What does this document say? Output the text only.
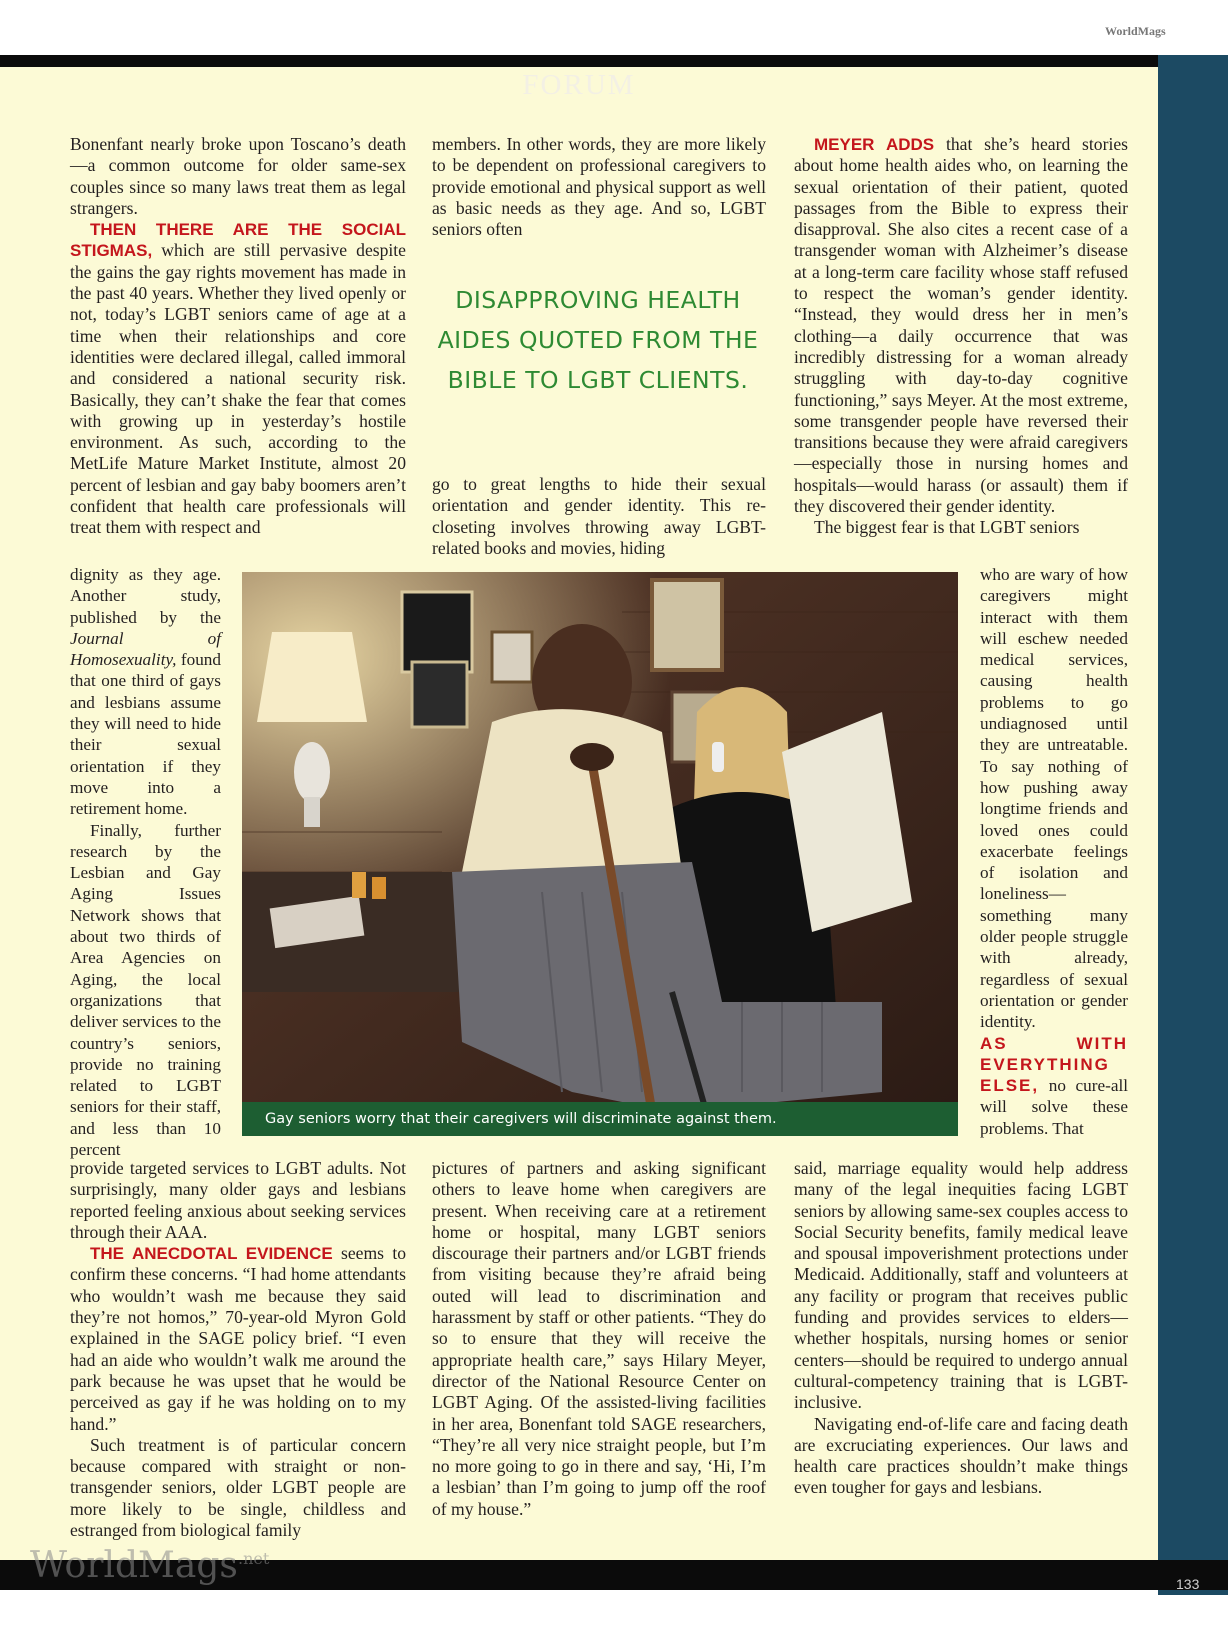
WorldMags
FORUM

Bonenfant nearly broke upon Toscano’s death—a common outcome for older same-sex couples since so many laws treat them as legal strangers.

THEN THERE ARE THE SOCIAL STIGMAS, which are still pervasive despite the gains the gay rights movement has made in the past 40 years. Whether they lived openly or not, today’s LGBT seniors came of age at a time when their relationships and core identities were declared illegal, called immoral and considered a national security risk. Basically, they can’t shake the fear that comes with growing up in yesterday’s hostile environment. As such, according to the MetLife Mature Market Institute, almost 20 percent of lesbian and gay baby boomers aren’t confident that health care professionals will treat them with respect and

dignity as they age. Another study, published by the Journal of Homosexuality, found that one third of gays and lesbians assume they will need to hide their sexual orientation if they move into a retirement home.

Finally, further research by the Lesbian and Gay Aging Issues Network shows that about two thirds of Area Agencies on Aging, the local organizations that deliver services to the country’s seniors, provide no training related to LGBT seniors for their staff, and less than 10 percent

provide targeted services to LGBT adults. Not surprisingly, many older gays and lesbians reported feeling anxious about seeking services through their AAA.

THE ANECDOTAL EVIDENCE seems to confirm these concerns. “I had home attendants who wouldn’t wash me because they said they’re not homos,” 70-year-old Myron Gold explained in the SAGE policy brief. “I even had an aide who wouldn’t walk me around the park because he was upset that he would be perceived as gay if he was holding on to my hand.”

Such treatment is of particular concern because compared with straight or non-transgender seniors, older LGBT people are more likely to be single, childless and estranged from biological family

members. In other words, they are more likely to be dependent on professional caregivers to provide emotional and physical support as well as basic needs as they age. And so, LGBT seniors often

DISAPPROVING HEALTH AIDES QUOTED FROM THE BIBLE TO LGBT CLIENTS.

go to great lengths to hide their sexual orientation and gender identity. This re-closeting involves throwing away LGBT-related books and movies, hiding

pictures of partners and asking significant others to leave home when caregivers are present. When receiving care at a retirement home or hospital, many LGBT seniors discourage their partners and/or LGBT friends from visiting because they’re afraid being outed will lead to discrimination and harassment by staff or other patients. “They do so to ensure that they will receive the appropriate health care,” says Hilary Meyer, director of the National Resource Center on LGBT Aging. Of the assisted-living facilities in her area, Bonenfant told SAGE researchers, “They’re all very nice straight people, but I’m no more going to go in there and say, ‘Hi, I’m a lesbian’ than I’m going to jump off the roof of my house.”

MEYER ADDS that she’s heard stories about home health aides who, on learning the sexual orientation of their patient, quoted passages from the Bible to express their disapproval. She also cites a recent case of a transgender woman with Alzheimer’s disease at a long-term care facility whose staff refused to respect the woman’s gender identity. “Instead, they would dress her in men’s clothing—a daily occurrence that was incredibly distressing for a woman already struggling with day-to-day cognitive functioning,” says Meyer. At the most extreme, some transgender people have reversed their transitions because they were afraid caregivers—especially those in nursing homes and hospitals—would harass (or assault) them if they discovered their gender identity.

The biggest fear is that LGBT seniors

who are wary of how caregivers might interact with them will eschew needed medical services, causing health problems to go undiagnosed until they are untreatable. To say nothing of how pushing away longtime friends and loved ones could exacerbate feelings of isolation and loneliness—something many older people struggle with already, regardless of sexual orientation or gender identity.

AS WITH EVERYTHING ELSE, no cure-all will solve these problems. That

said, marriage equality would help address many of the legal inequities facing LGBT seniors by allowing same-sex couples access to Social Security benefits, family medical leave and spousal impoverishment protections under Medicaid. Additionally, staff and volunteers at any facility or program that receives public funding and provides services to elders—whether hospitals, nursing homes or senior centers—should be required to undergo annual cultural-competency training that is LGBT-inclusive.

Navigating end-of-life care and facing death are excruciating experiences. Our laws and health care practices shouldn’t make things even tougher for gays and lesbians.

Gay seniors worry that their caregivers will discriminate against them.
WorldMags .net
133
